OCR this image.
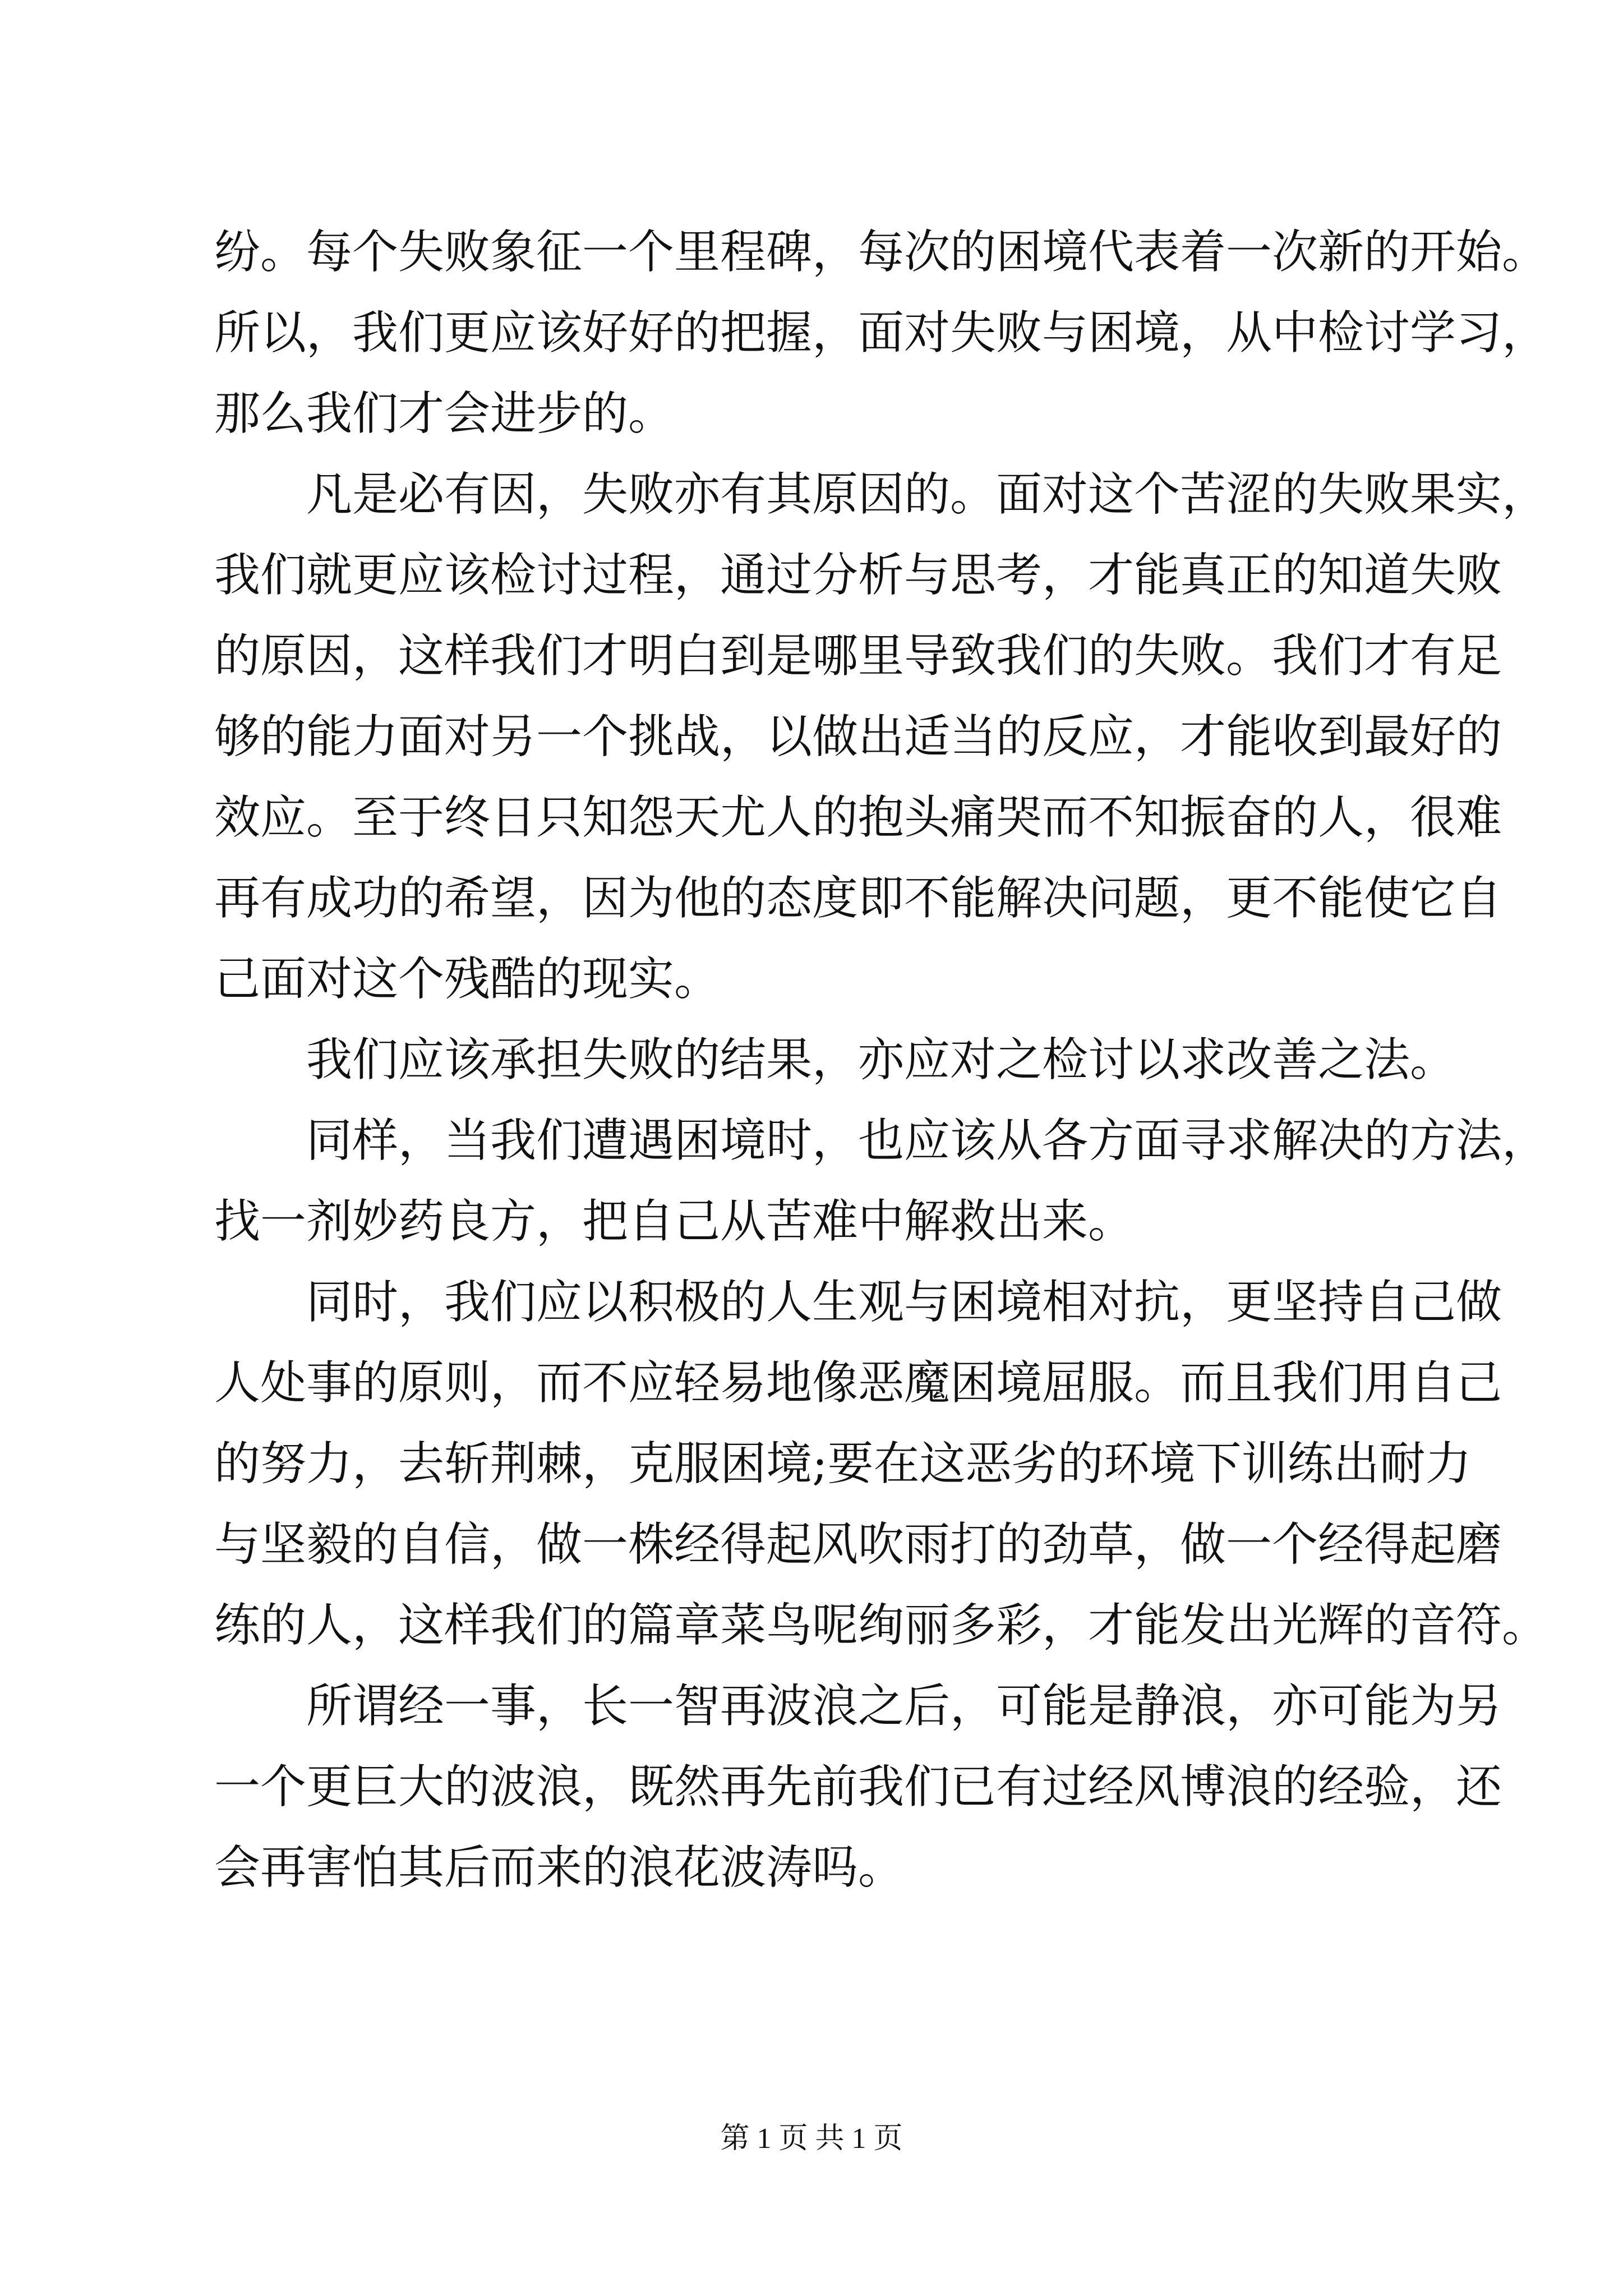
纷。每个失败象征一个里程碑，每次的困境代表着一次新的开始。
所以，我们更应该好好的把握，面对失败与困境，从中检讨学习，
那么我们才会进步的。
凡是必有因，失败亦有其原因的。面对这个苦涩的失败果实，
我们就更应该检讨过程，通过分析与思考，才能真正的知道失败
的原因，这样我们才明白到是哪里导致我们的失败。我们才有足
够的能力面对另一个挑战，以做出适当的反应，才能收到最好的
效应。至于终日只知怨天尤人的抱头痛哭而不知振奋的人，很难
再有成功的希望，因为他的态度即不能解决问题，更不能使它自
己面对这个残酷的现实。
我们应该承担失败的结果，亦应对之检讨以求改善之法。
同样，当我们遭遇困境时，也应该从各方面寻求解决的方法，
找一剂妙药良方，把自己从苦难中解救出来。
同时，我们应以积极的人生观与困境相对抗，更坚持自己做
人处事的原则，而不应轻易地像恶魔困境屈服。而且我们用自己
的努力，去斩荆棘，克服困境;要在这恶劣的环境下训练出耐力
与坚毅的自信，做一株经得起风吹雨打的劲草，做一个经得起磨
练的人，这样我们的篇章菜鸟呢绚丽多彩，才能发出光辉的音符。
所谓经一事，长一智再波浪之后，可能是静浪，亦可能为另
一个更巨大的波浪，既然再先前我们已有过经风博浪的经验，还
会再害怕其后而来的浪花波涛吗。
第 1 页 共 1 页
